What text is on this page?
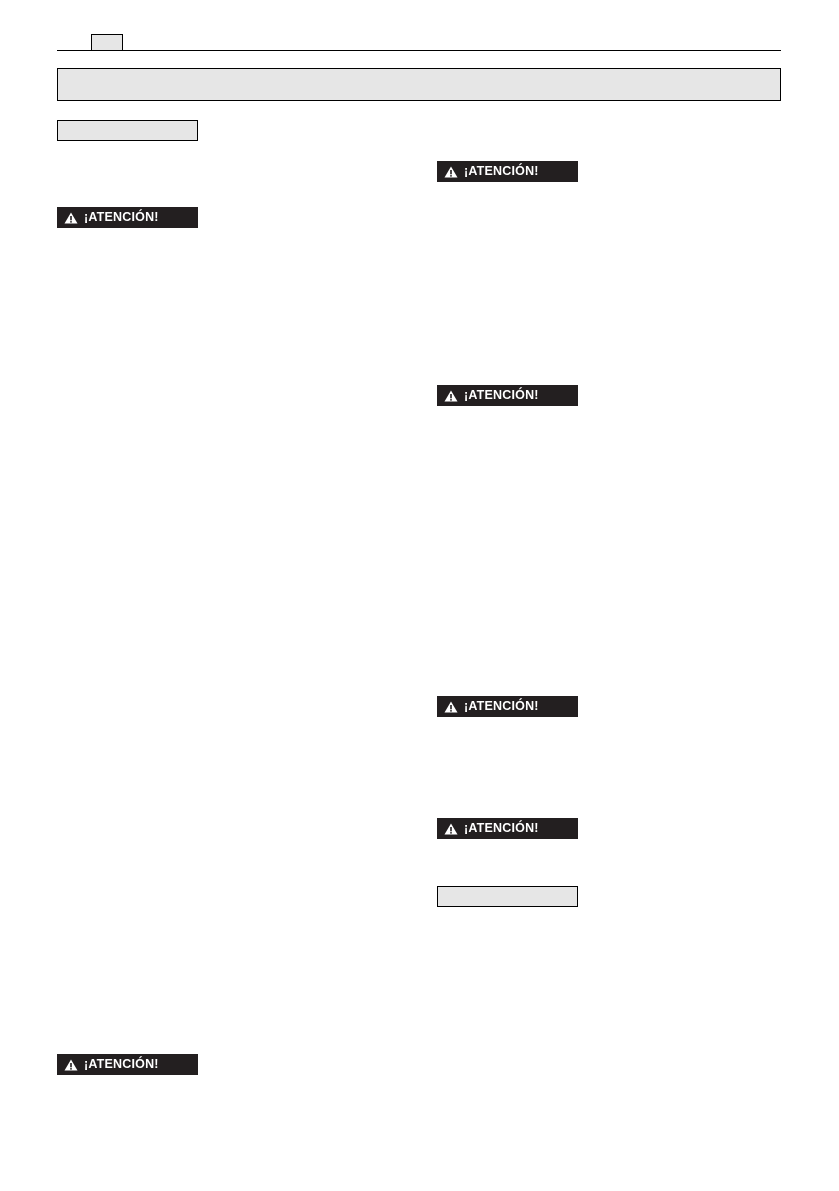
¡ATENCIÓN!
¡ATENCIÓN!
¡ATENCIÓN!
¡ATENCIÓN!
¡ATENCIÓN!
¡ATENCIÓN!
